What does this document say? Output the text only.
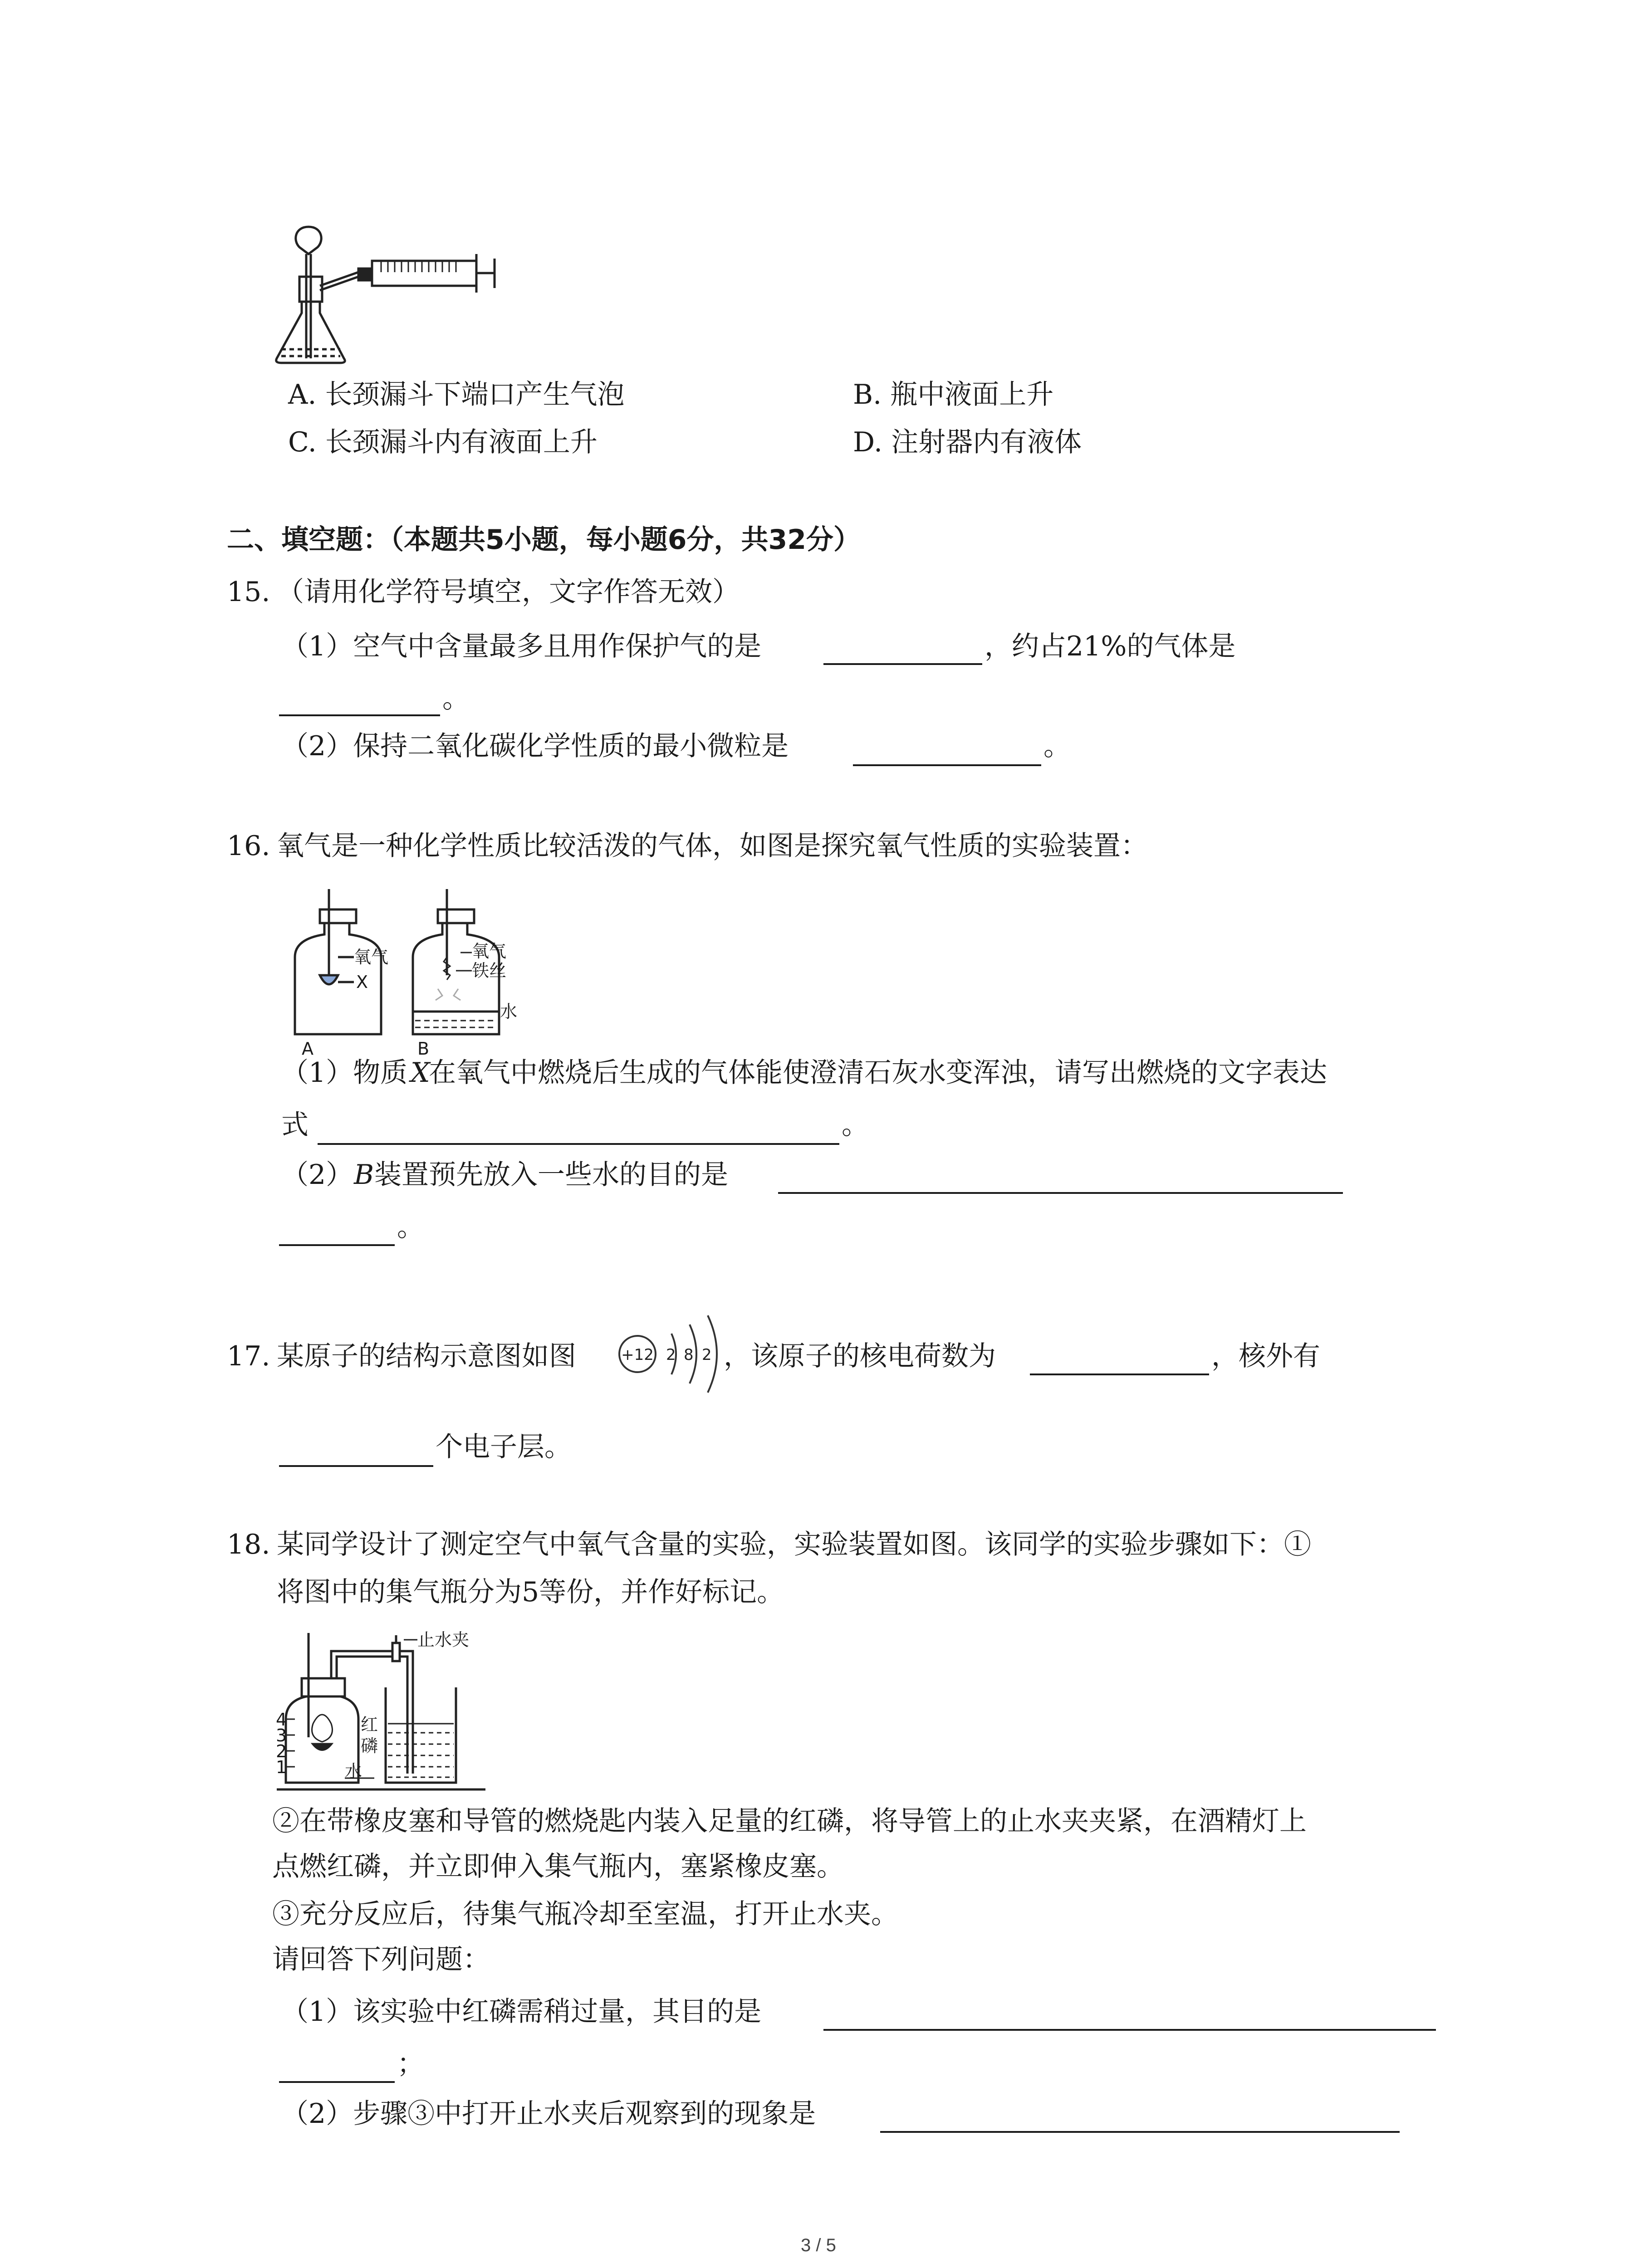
A. 长颈漏斗下端口产生气泡	B. 瓶中液面上升
C. 长颈漏斗内有液面上升	D. 注射器内有液体
二、填空题：（本题共5小题，每小题6分，共32分）
15. （请用化学符号填空，文字作答无效）
（1）空气中含量最多且用作保护气的是	，约占21%的气体是
。
（2）保持二氧化碳化学性质的最小微粒是	。
16. 氧气是一种化学性质比较活泼的气体，如图是探究氧气性质的实验装置：
氧气
X
氧气
铁丝
水
A	B
（1）物质 X
在氧气中燃烧后生成的气体能使澄清石灰水变浑浊，请写出燃烧的文字表达
式	。
（2） B 装置预先放入一些水的目的是
。
17. 某原子的结构示意图如图	+12 2 8 2 ，该原子的核电荷数为	，核外有
个电子层。
18. 某同学设计了测定空气中氧气含量的实验，实验装置如图。该同学的实验步骤如下：①
将图中的集气瓶分为5等份，并作好标记。
止水夹
红
磷
水
4
3
2
1
②在带橡皮塞和导管的燃烧匙内装入足量的红磷，将导管上的止水夹夹紧，在酒精灯上
点燃红磷，并立即伸入集气瓶内，塞紧橡皮塞。
③充分反应后，待集气瓶冷却至室温，打开止水夹。
请回答下列问题：
（1）该实验中红磷需稍过量，其目的是
；
（2）步骤③中打开止水夹后观察到的现象是
3 / 5
